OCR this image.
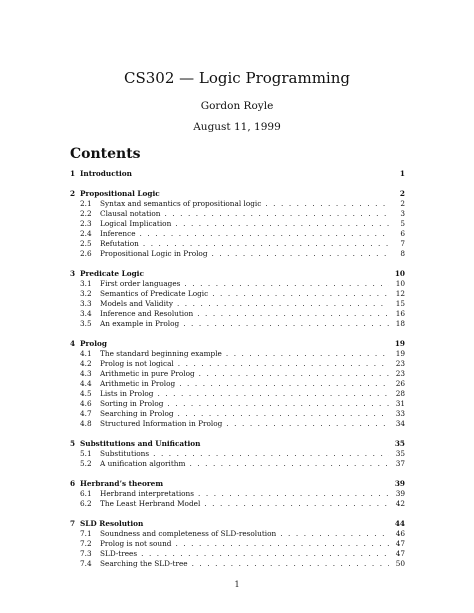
CS302 — Logic Programming
Gordon Royle
August 11, 1999
Contents
1 Introduction	1
2 Propositional Logic	2
2.1	Syntax and semantics of propositional logic . . .	2
2.2	Clausal notation . . .	3
2.3	Logical Implication . . .	5
2.4	Inference . . .	6
2.5	Refutation . . .	7
2.6	Propositional Logic in Prolog . . .	8
3 Predicate Logic	10
3.1	First order languages . . .	10
3.2	Semantics of Predicate Logic . . .	12
3.3	Models and Validity . . .	15
3.4	Inference and Resolution . . .	16
3.5	An example in Prolog . . .	18
4 Prolog	19
4.1	The standard beginning example . . .	19
4.2	Prolog is not logical . . .	23
4.3	Arithmetic in pure Prolog . . .	23
4.4	Arithmetic in Prolog . . .	26
4.5	Lists in Prolog . . .	28
4.6	Sorting in Prolog . . .	31
4.7	Searching in Prolog . . .	33
4.8	Structured Information in Prolog . . .	34
5 Substitutions and Unification	35
5.1	Substitutions . . .	35
5.2	A unification algorithm . . .	37
6 Herbrand’s theorem	39
6.1	Herbrand interpretations . . .	39
6.2	The Least Herbrand Model . . .	42
7 SLD Resolution	44
7.1	Soundness and completeness of SLD-resolution . . .	46
7.2	Prolog is not sound . . .	47
7.3	SLD-trees . . .	47
7.4	Searching the SLD-tree . . .	50
1
